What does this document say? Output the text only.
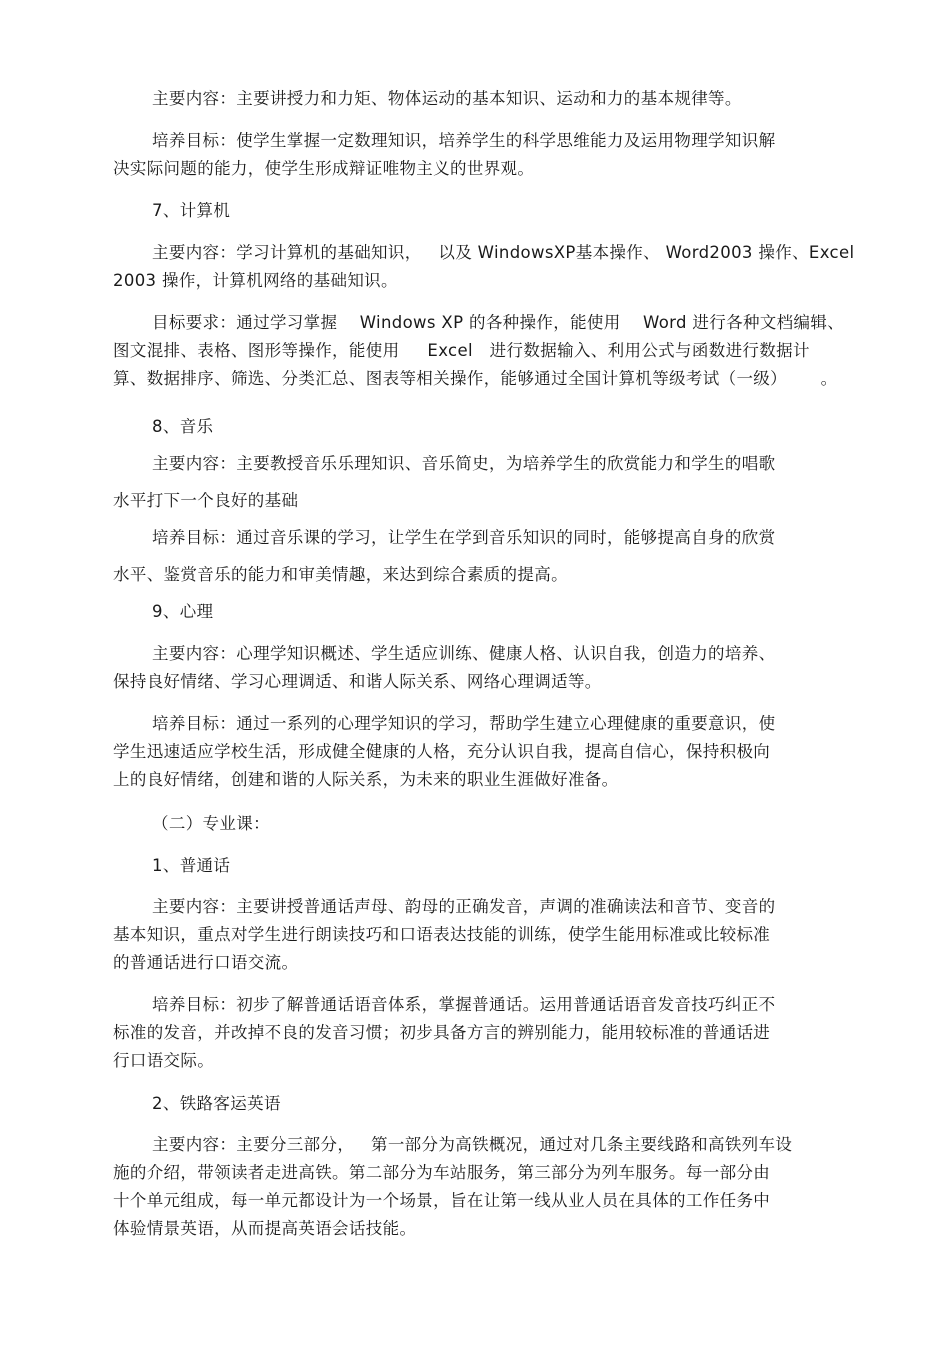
主要内容：主要讲授力和力矩、物体运动的基本知识、运动和力的基本规律等。

培养目标：使学生掌握一定数理知识，培养学生的科学思维能力及运用物理学知识解

决实际问题的能力，使学生形成辩证唯物主义的世界观。

7、计算机

主要内容：学习计算机的基础知识，   以及 WindowsXP基本操作、 Word2003 操作、Excel

2003 操作，计算机网络的基础知识。

目标要求：通过学习掌握    Windows XP 的各种操作，能使用    Word 进行各种文档编辑、

图文混排、表格、图形等操作，能使用     Excel   进行数据输入、利用公式与函数进行数据计

算、数据排序、筛选、分类汇总、图表等相关操作，能够通过全国计算机等级考试（一级）      。

8、音乐

主要内容：主要教授音乐乐理知识、音乐简史，为培养学生的欣赏能力和学生的唱歌

水平打下一个良好的基础

培养目标：通过音乐课的学习，让学生在学到音乐知识的同时，能够提高自身的欣赏

水平、鉴赏音乐的能力和审美情趣，来达到综合素质的提高。

9、心理

主要内容：心理学知识概述、学生适应训练、健康人格、认识自我，创造力的培养、

保持良好情绪、学习心理调适、和谐人际关系、网络心理调适等。

培养目标：通过一系列的心理学知识的学习，帮助学生建立心理健康的重要意识，使

学生迅速适应学校生活，形成健全健康的人格，充分认识自我，提高自信心，保持积极向

上的良好情绪，创建和谐的人际关系，为未来的职业生涯做好准备。

（二）专业课：

1、普通话

主要内容：主要讲授普通话声母、韵母的正确发音，声调的准确读法和音节、变音的

基本知识，重点对学生进行朗读技巧和口语表达技能的训练，使学生能用标准或比较标准

的普通话进行口语交流。

培养目标：初步了解普通话语音体系，掌握普通话。运用普通话语音发音技巧纠正不

标准的发音，并改掉不良的发音习惯；初步具备方言的辨别能力，能用较标准的普通话进

行口语交际。

2、铁路客运英语

主要内容：主要分三部分，   第一部分为高铁概况，通过对几条主要线路和高铁列车设

施的介绍，带领读者走进高铁。第二部分为车站服务，第三部分为列车服务。每一部分由

十个单元组成，每一单元都设计为一个场景，旨在让第一线从业人员在具体的工作任务中

体验情景英语，从而提高英语会话技能。
